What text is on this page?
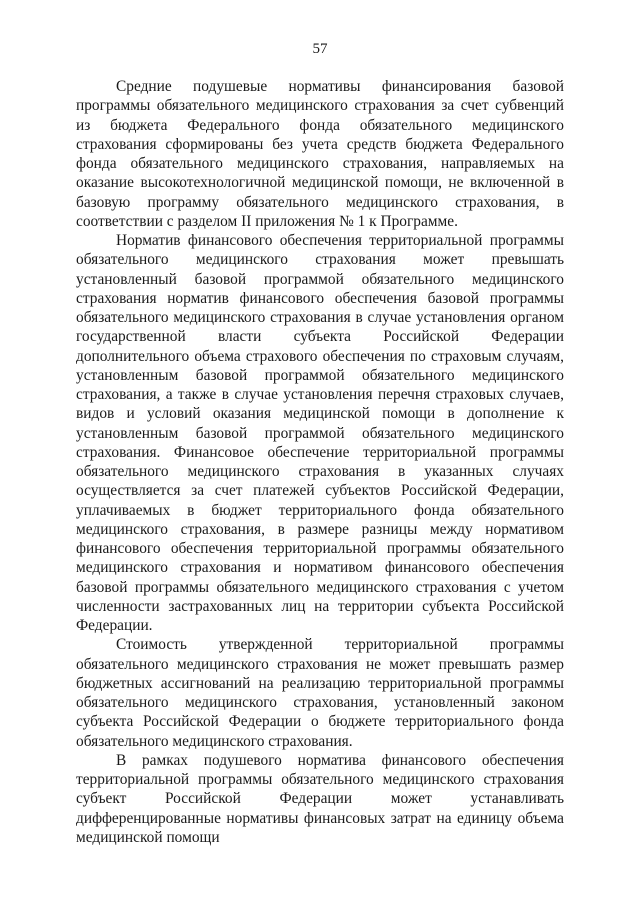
57

Средние подушевые нормативы финансирования базовой программы обязательного медицинского страхования за счет субвенций из бюджета Федерального фонда обязательного медицинского страхования сформированы без учета средств бюджета Федерального фонда обязательного медицинского страхования, направляемых на оказание высокотехнологичной медицинской помощи, не включенной в базовую программу обязательного медицинского страхования, в соответствии с разделом II приложения № 1 к Программе.

Норматив финансового обеспечения территориальной программы обязательного медицинского страхования может превышать установленный базовой программой обязательного медицинского страхования норматив финансового обеспечения базовой программы обязательного медицинского страхования в случае установления органом государственной власти субъекта Российской Федерации дополнительного объема страхового обеспечения по страховым случаям, установленным базовой программой обязательного медицинского страхования, а также в случае установления перечня страховых случаев, видов и условий оказания медицинской помощи в дополнение к установленным базовой программой обязательного медицинского страхования. Финансовое обеспечение территориальной программы обязательного медицинского страхования в указанных случаях осуществляется за счет платежей субъектов Российской Федерации, уплачиваемых в бюджет территориального фонда обязательного медицинского страхования, в размере разницы между нормативом финансового обеспечения территориальной программы обязательного медицинского страхования и нормативом финансового обеспечения базовой программы обязательного медицинского страхования с учетом численности застрахованных лиц на территории субъекта Российской Федерации.

Стоимость утвержденной территориальной программы обязательного медицинского страхования не может превышать размер бюджетных ассигнований на реализацию территориальной программы обязательного медицинского страхования, установленный законом субъекта Российской Федерации о бюджете территориального фонда обязательного медицинского страхования.

В рамках подушевого норматива финансового обеспечения территориальной программы обязательного медицинского страхования субъект Российской Федерации может устанавливать дифференцированные нормативы финансовых затрат на единицу объема медицинской помощи
